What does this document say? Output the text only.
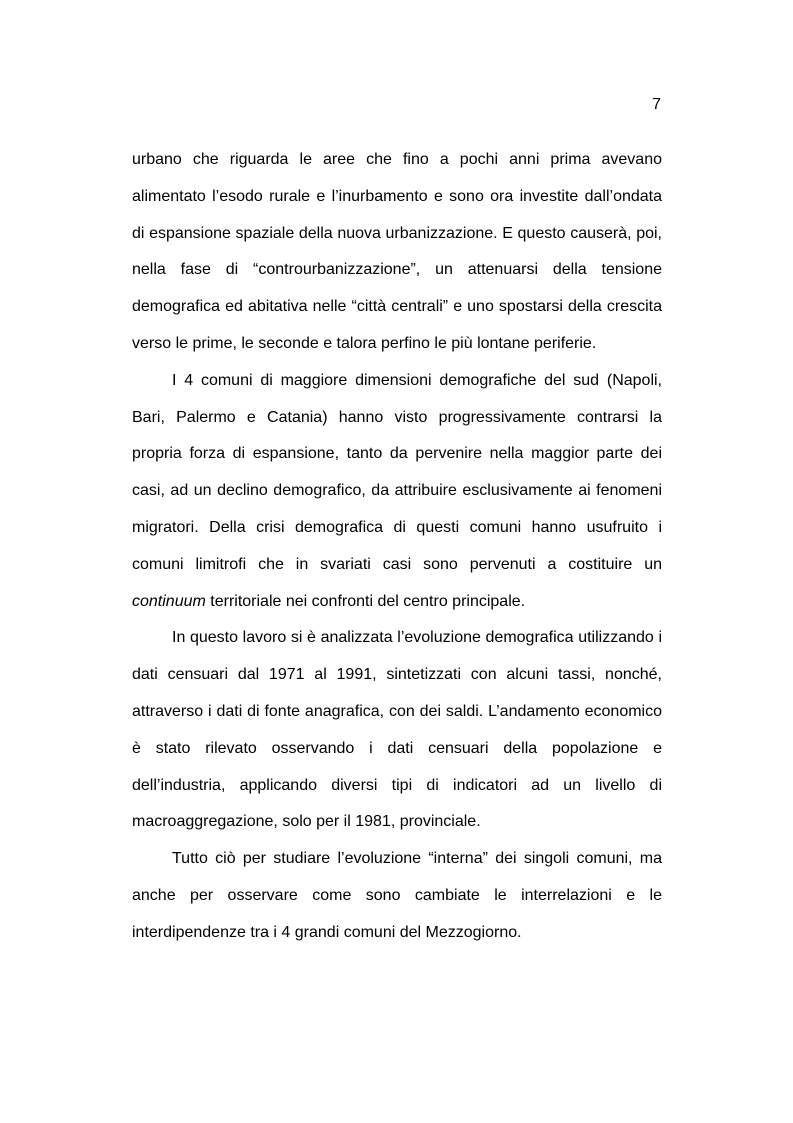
7
urbano che riguarda le aree che fino a pochi anni prima avevano
alimentato l’esodo rurale e l’inurbamento e sono ora investite dall’ondata
di espansione spaziale della nuova urbanizzazione. E questo causerà, poi,
nella fase di “controurbanizzazione”, un attenuarsi della tensione
demografica ed abitativa nelle “città centrali” e uno spostarsi della crescita
verso le prime, le seconde e talora perfino le più lontane periferie.
I 4 comuni di maggiore dimensioni demografiche del sud (Napoli,
Bari, Palermo e Catania) hanno visto progressivamente contrarsi la
propria forza di espansione, tanto da pervenire nella maggior parte dei
casi, ad un declino demografico, da attribuire esclusivamente ai fenomeni
migratori. Della crisi demografica di questi comuni hanno usufruito i
comuni limitrofi che in svariati casi sono pervenuti a costituire un
continuum territoriale nei confronti del centro principale.
In questo lavoro si è analizzata l’evoluzione demografica utilizzando i
dati censuari dal 1971 al 1991, sintetizzati con alcuni tassi, nonché,
attraverso i dati di fonte anagrafica, con dei saldi. L’andamento economico
è stato rilevato osservando i dati censuari della popolazione e
dell’industria, applicando diversi tipi di indicatori ad un livello di
macroaggregazione, solo per il 1981, provinciale.
Tutto ciò per studiare l’evoluzione “interna” dei singoli comuni, ma
anche per osservare come sono cambiate le interrelazioni e le
interdipendenze tra i 4 grandi comuni del Mezzogiorno.
